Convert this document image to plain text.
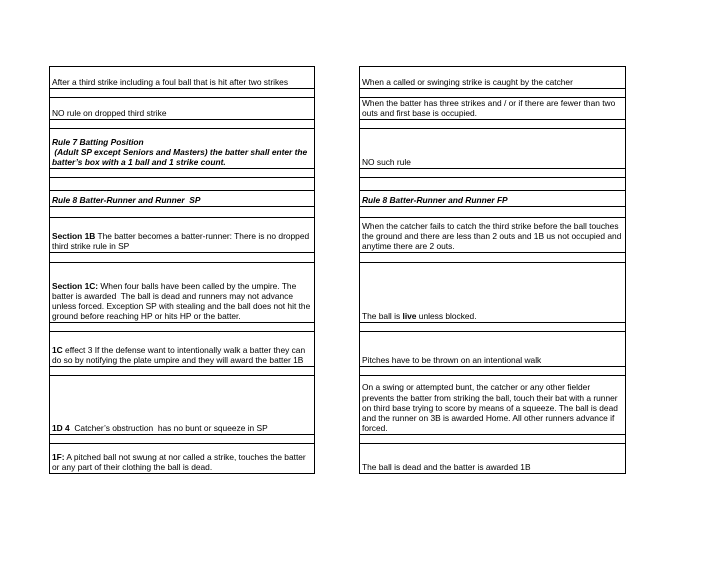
After a third strike including a foul ball that is hit after two strikes		When a called or swinging strike is caught by the catcher

NO rule on dropped third strike		When the batter has three strikes and / or if there are fewer than two outs and first base is occupied.

Rule 7 Batting Position
(Adult SP except Seniors and Masters) the batter shall enter the batter’s box with a 1 ball and 1 strike count.		NO such rule

Rule 8 Batter-Runner and Runner  SP		Rule 8 Batter-Runner and Runner FP

Section 1B The batter becomes a batter-runner: There is no dropped third strike rule in SP		When the catcher fails to catch the third strike before the ball touches the ground and there are less than 2 outs and 1B us not occupied and anytime there are 2 outs.

Section 1C: When four balls have been called by the umpire. The batter is awarded  The ball is dead and runners may not advance unless forced. Exception SP with stealing and the ball does not hit the ground before reaching HP or hits HP or the batter.		The ball is live unless blocked.

1C effect 3 If the defense want to intentionally walk a batter they can do so by notifying the plate umpire and they will award the batter 1B		Pitches have to be thrown on an intentional walk

1D 4  Catcher’s obstruction  has no bunt or squeeze in SP		On a swing or attempted bunt, the catcher or any other fielder prevents the batter from striking the ball, touch their bat with a runner on third base trying to score by means of a squeeze. The ball is dead and the runner on 3B is awarded Home. All other runners advance if forced.

1F: A pitched ball not swung at nor called a strike, touches the batter or any part of their clothing the ball is dead.		The ball is dead and the batter is awarded 1B
